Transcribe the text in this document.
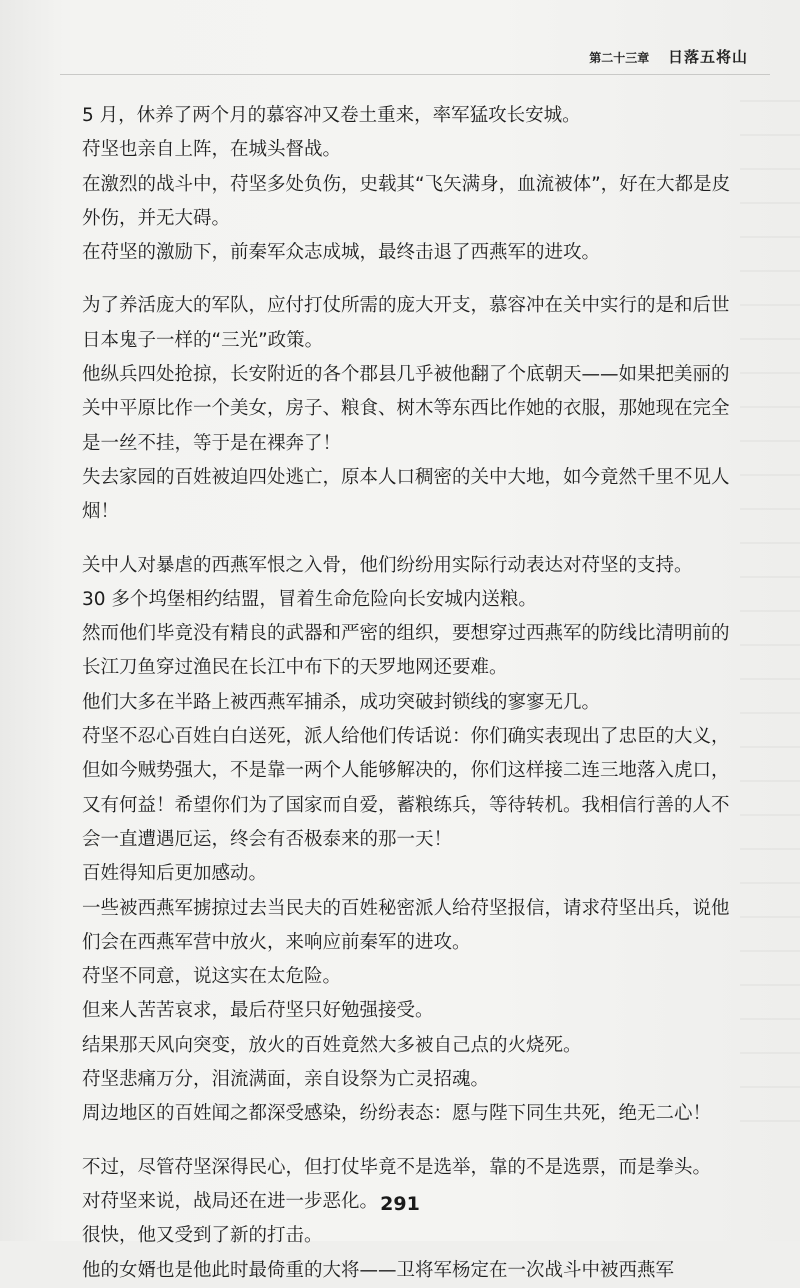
第二十三章 日落五将山

5 月，休养了两个月的慕容冲又卷土重来，率军猛攻长安城。

苻坚也亲自上阵，在城头督战。

在激烈的战斗中，苻坚多处负伤，史载其“飞矢满身，血流被体”，好在大都是皮外伤，并无大碍。

在苻坚的激励下，前秦军众志成城，最终击退了西燕军的进攻。

为了养活庞大的军队，应付打仗所需的庞大开支，慕容冲在关中实行的是和后世日本鬼子一样的“三光”政策。

他纵兵四处抢掠，长安附近的各个郡县几乎被他翻了个底朝天——如果把美丽的关中平原比作一个美女，房子、粮食、树木等东西比作她的衣服，那她现在完全是一丝不挂，等于是在裸奔了！

失去家园的百姓被迫四处逃亡，原本人口稠密的关中大地，如今竟然千里不见人烟！

关中人对暴虐的西燕军恨之入骨，他们纷纷用实际行动表达对苻坚的支持。

30 多个坞堡相约结盟，冒着生命危险向长安城内送粮。

然而他们毕竟没有精良的武器和严密的组织，要想穿过西燕军的防线比清明前的长江刀鱼穿过渔民在长江中布下的天罗地网还要难。

他们大多在半路上被西燕军捕杀，成功突破封锁线的寥寥无几。

苻坚不忍心百姓白白送死，派人给他们传话说：你们确实表现出了忠臣的大义，但如今贼势强大，不是靠一两个人能够解决的，你们这样接二连三地落入虎口，又有何益！希望你们为了国家而自爱，蓄粮练兵，等待转机。我相信行善的人不会一直遭遇厄运，终会有否极泰来的那一天！

百姓得知后更加感动。

一些被西燕军掳掠过去当民夫的百姓秘密派人给苻坚报信，请求苻坚出兵，说他们会在西燕军营中放火，来响应前秦军的进攻。

苻坚不同意，说这实在太危险。

但来人苦苦哀求，最后苻坚只好勉强接受。

结果那天风向突变，放火的百姓竟然大多被自己点的火烧死。

苻坚悲痛万分，泪流满面，亲自设祭为亡灵招魂。

周边地区的百姓闻之都深受感染，纷纷表态：愿与陛下同生共死，绝无二心！

不过，尽管苻坚深得民心，但打仗毕竟不是选举，靠的不是选票，而是拳头。

对苻坚来说，战局还在进一步恶化。

很快，他又受到了新的打击。

他的女婿也是他此时最倚重的大将——卫将军杨定在一次战斗中被西燕军

291
